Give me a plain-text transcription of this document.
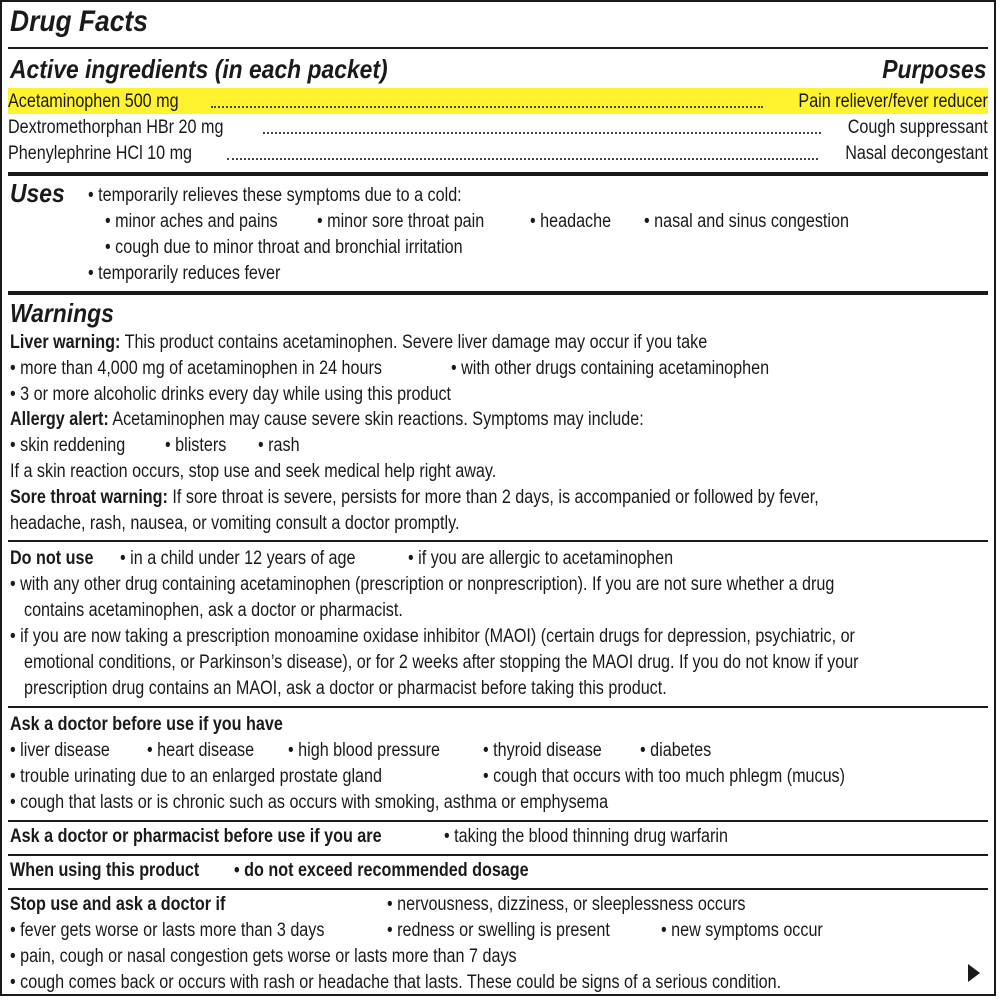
Drug Facts
Active ingredients (in each packet)	Purposes
Acetaminophen 500 mg	Pain reliever/fever reducer
Dextromethorphan HBr 20 mg	Cough suppressant
Phenylephrine HCl 10 mg	Nasal decongestant
Uses • temporarily relieves these symptoms due to a cold:
• minor aches and pains • minor sore throat pain • headache • nasal and sinus congestion
• cough due to minor throat and bronchial irritation
• temporarily reduces fever
Warnings
Liver warning: This product contains acetaminophen. Severe liver damage may occur if you take
• more than 4,000 mg of acetaminophen in 24 hours	• with other drugs containing acetaminophen
• 3 or more alcoholic drinks every day while using this product
Allergy alert: Acetaminophen may cause severe skin reactions. Symptoms may include:
• skin reddening • blisters • rash
If a skin reaction occurs, stop use and seek medical help right away.
Sore throat warning: If sore throat is severe, persists for more than 2 days, is accompanied or followed by fever,
headache, rash, nausea, or vomiting consult a doctor promptly.
Do not use • in a child under 12 years of age	• if you are allergic to acetaminophen
• with any other drug containing acetaminophen (prescription or nonprescription). If you are not sure whether a drug
contains acetaminophen, ask a doctor or pharmacist.
• if you are now taking a prescription monoamine oxidase inhibitor (MAOI) (certain drugs for depression, psychiatric, or
emotional conditions, or Parkinson’s disease), or for 2 weeks after stopping the MAOI drug. If you do not know if your
prescription drug contains an MAOI, ask a doctor or pharmacist before taking this product.
Ask a doctor before use if you have
• liver disease • heart disease • high blood pressure • thyroid disease • diabetes
• trouble urinating due to an enlarged prostate gland	• cough that occurs with too much phlegm (mucus)
• cough that lasts or is chronic such as occurs with smoking, asthma or emphysema
Ask a doctor or pharmacist before use if you are	• taking the blood thinning drug warfarin
When using this product • do not exceed recommended dosage
Stop use and ask a doctor if	• nervousness, dizziness, or sleeplessness occurs
• fever gets worse or lasts more than 3 days	• redness or swelling is present	• new symptoms occur
• pain, cough or nasal congestion gets worse or lasts more than 7 days
• cough comes back or occurs with rash or headache that lasts. These could be signs of a serious condition.
